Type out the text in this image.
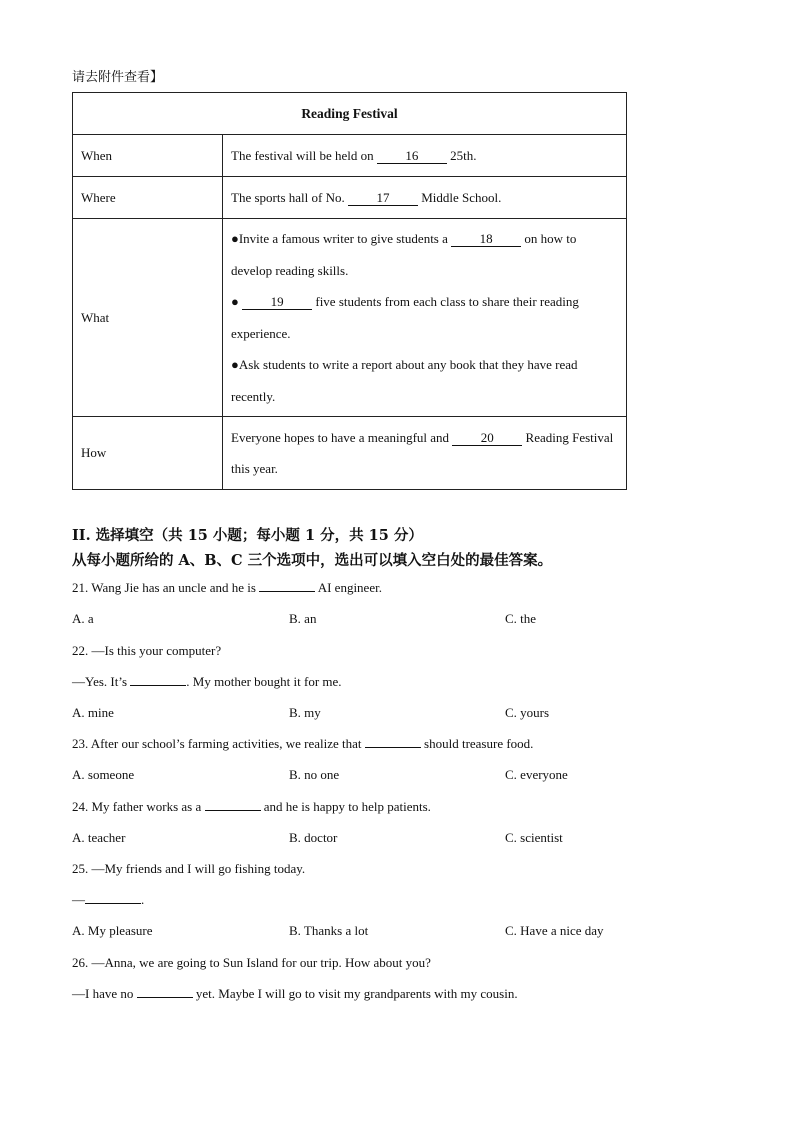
请去附件查看】
Reading Festival	
When	The festival will be held on 16 25th.
Where	The sports hall of No. 17 Middle School.
What	●Invite a famous writer to give students a 18 on how to develop reading skills.
● 19 five students from each class to share their reading experience.
●Ask students to write a report about any book that they have read recently.
How	Everyone hopes to have a meaningful and 20 Reading Festival this year.
II. 选择填空（共 15 小题；每小题 1 分，共 15 分）
从每小题所给的 A、B、C 三个选项中，选出可以填入空白处的最佳答案。
21. Wang Jie has an uncle and he is	AI engineer.
A. a	B. an	C. the
22. —Is this your computer?
—Yes. It’s	. My mother bought it for me.
A. mine	B. my	C. yours
23. After our school’s farming activities, we realize that	should treasure food.
A. someone	B. no one	C. everyone
24. My father works as a	and he is happy to help patients.
A. teacher	B. doctor	C. scientist
25. —My friends and I will go fishing today.
—	.
A. My pleasure	B. Thanks a lot	C. Have a nice day
26. —Anna, we are going to Sun Island for our trip. How about you?
—I have no	yet. Maybe I will go to visit my grandparents with my cousin.
